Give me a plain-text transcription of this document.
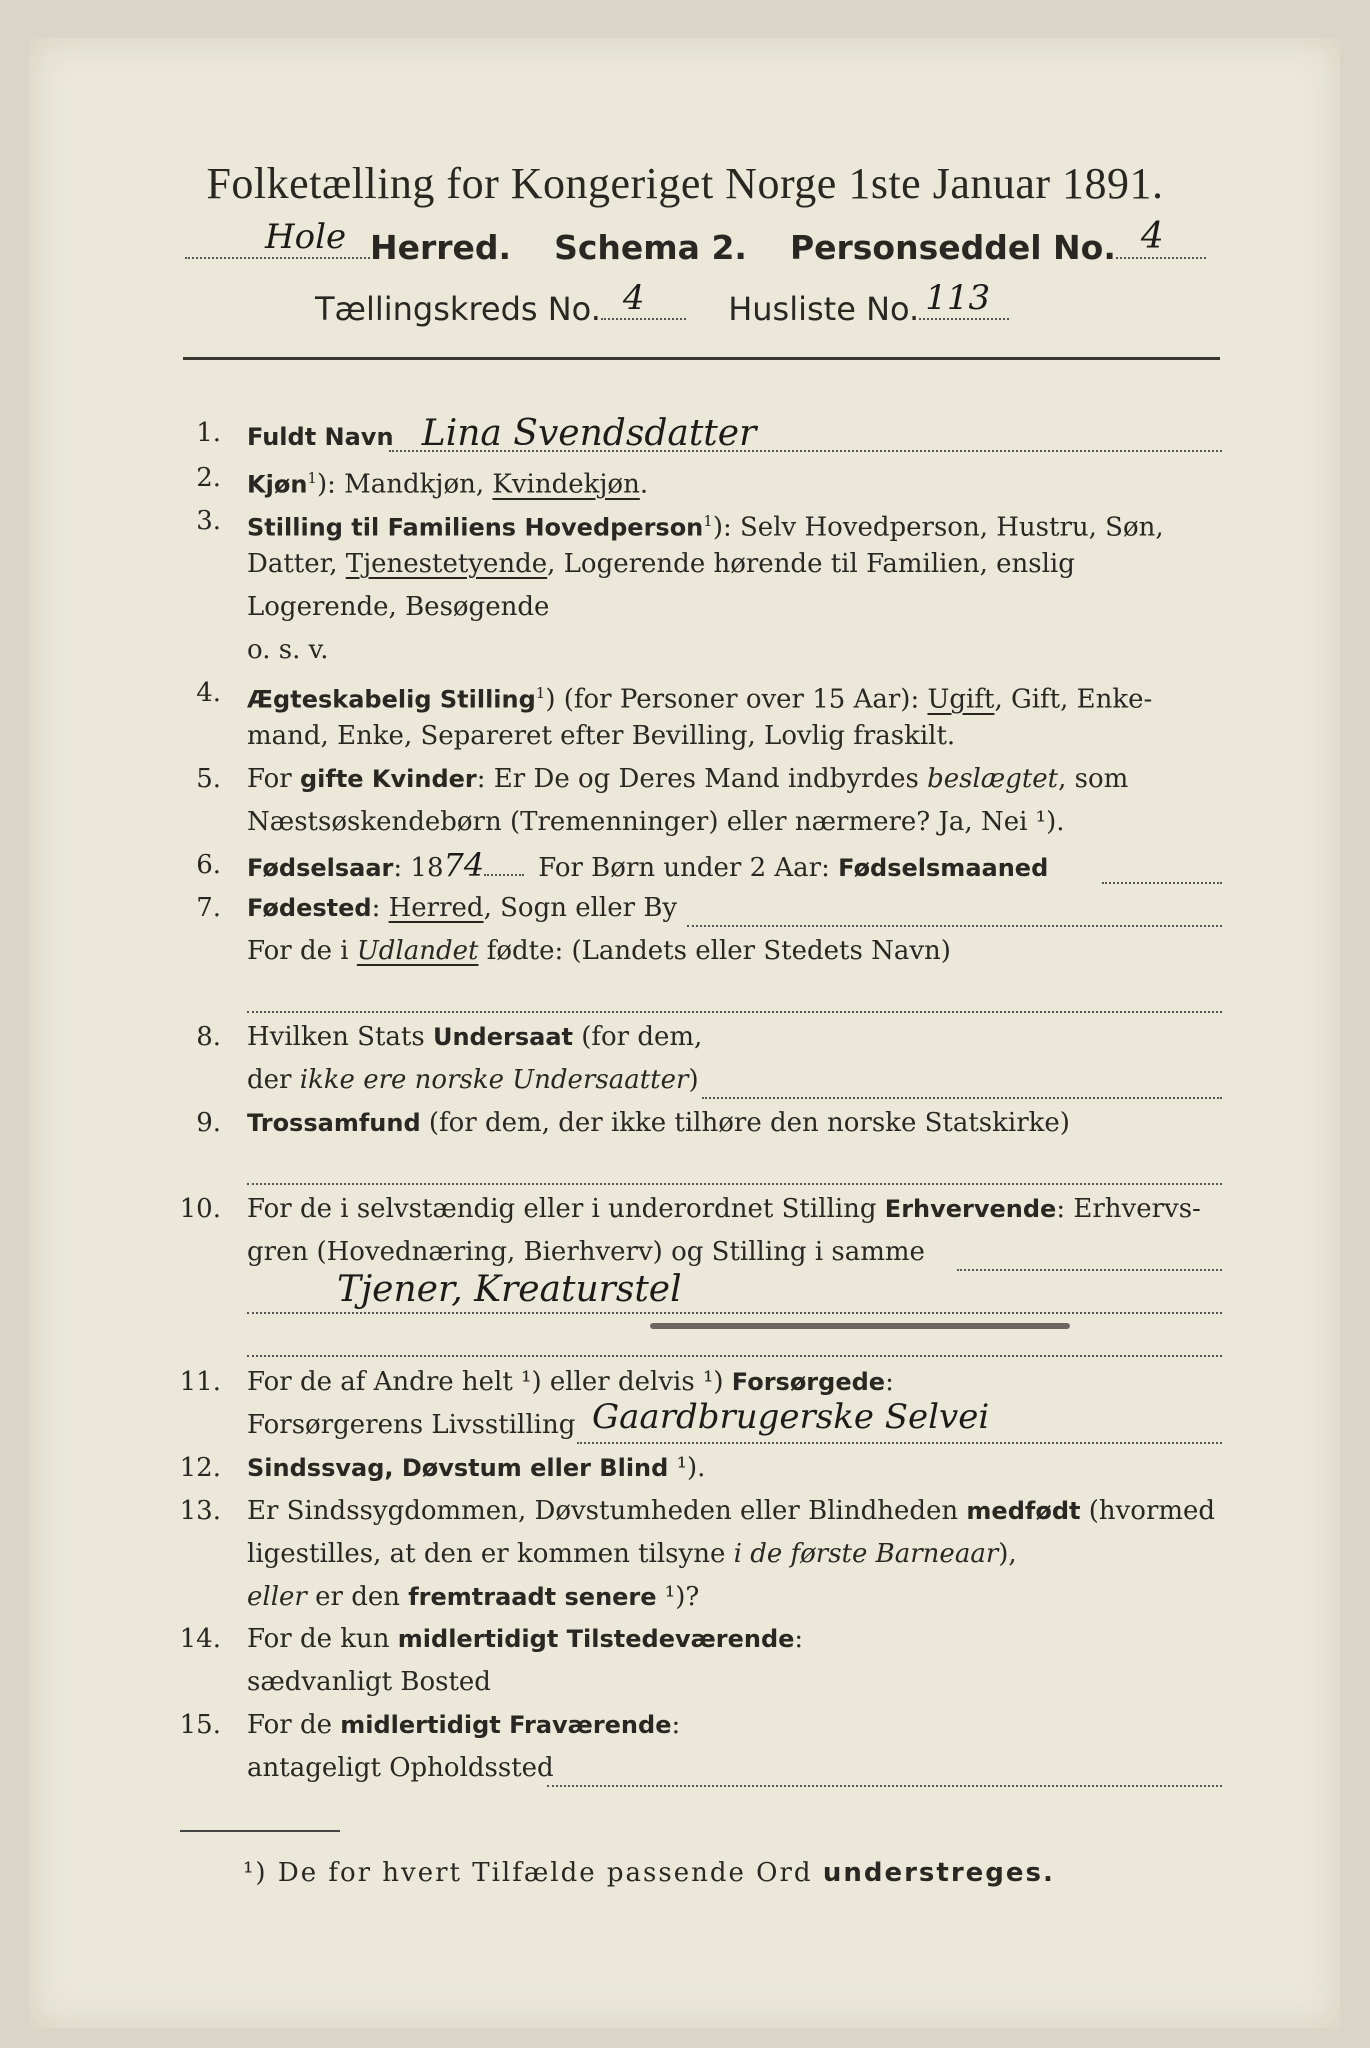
Folketælling for Kongeriget Norge 1ste Januar 1891.
Hole Herred. Schema 2. Personseddel No. 4
Tællingskreds No. 4	Husliste No. 113
1. Fuldt Navn Lina Svendsdatter
2. Kjøn$^1$): Mandkjøn, Kvindekjøn.
3. Stilling til Familiens Hovedperson$^1$): Selv Hovedperson, Hustru, Søn,
Datter, Tjenestetyende, Logerende hørende til Familien, enslig
Logerende, Besøgende
o. s. v.
4. Ægteskabelig Stilling$^1$) (for Personer over 15 Aar): Ugift, Gift, Enke-
mand, Enke, Separeret efter Bevilling, Lovlig fraskilt.
5. For gifte Kvinder: Er De og Deres Mand indbyrdes beslægtet, som
Næstsøskendebørn (Tremenninger) eller nærmere? Ja, Nei ¹).
6. Fødselsaar: 1874 For Børn under 2 Aar: Fødselsmaaned
7. Fødested: Herred, Sogn eller By
For de i Udlandet fødte: (Landets eller Stedets Navn)
8. Hvilken Stats Undersaat (for dem,
der ikke ere norske Undersaatter)
9. Trossamfund (for dem, der ikke tilhøre den norske Statskirke)
10. For de i selvstændig eller i underordnet Stilling Erhvervende: Erhvervs-
gren (Hovednæring, Bierhverv) og Stilling i samme
Tjener, Kreaturstel
11. For de af Andre helt ¹) eller delvis ¹) Forsørgede:
Forsørgerens Livsstilling Gaardbrugerske Selvei
12. Sindssvag, Døvstum eller Blind ¹).
13. Er Sindssygdommen, Døvstumheden eller Blindheden medfødt (hvormed
ligestilles, at den er kommen tilsyne i de første Barneaar),
eller er den fremtraadt senere ¹)?
14. For de kun midlertidigt Tilstedeværende:
sædvanligt Bosted
15. For de midlertidigt Fraværende:
antageligt Opholdssted
¹) De for hvert Tilfælde passende Ord understreges.
